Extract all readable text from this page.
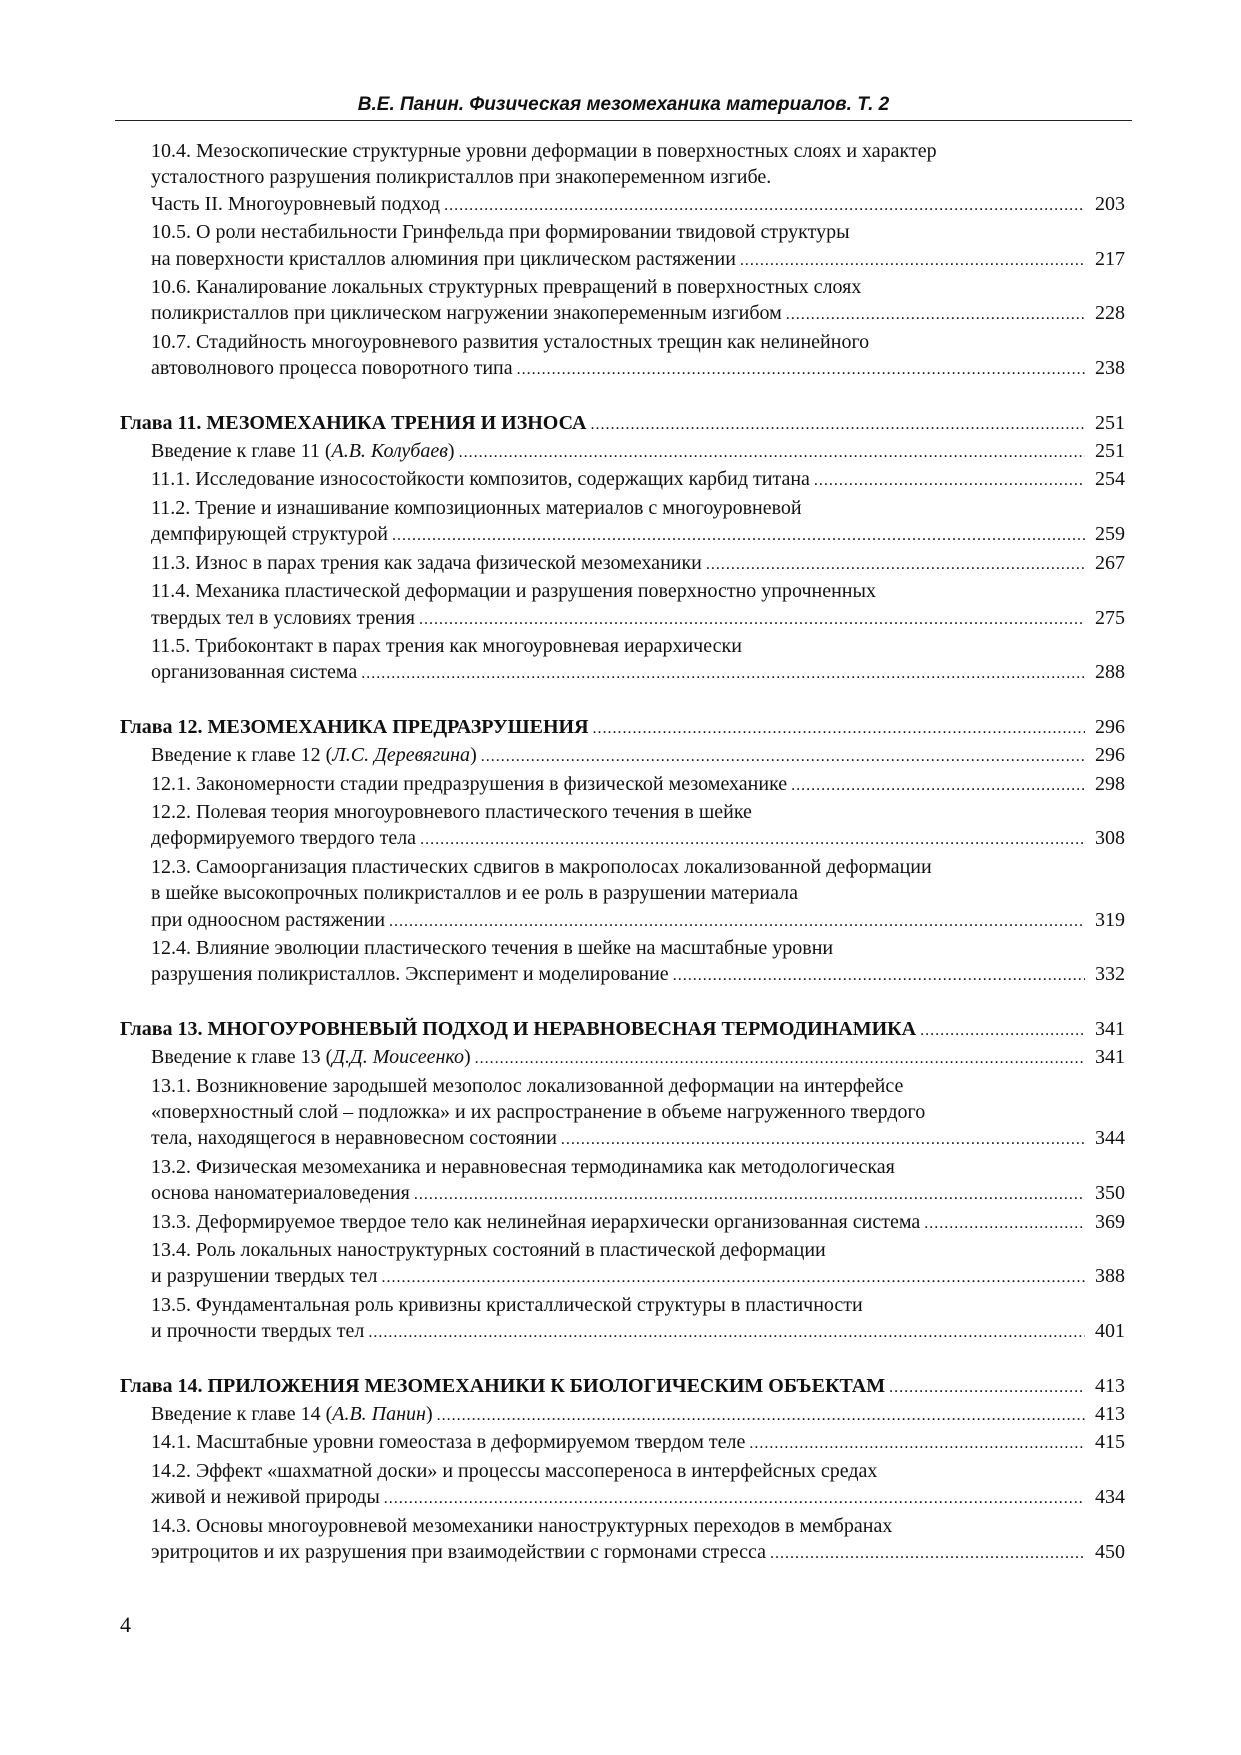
В.Е. Панин. Физическая мезомеханика материалов. Т. 2
10.4. Мезоскопические структурные уровни деформации в поверхностных слоях и характер
усталостного разрушения поликристаллов при знакопеременном изгибе.
Часть II. Многоуровневый подход . . .	203
10.5. О роли нестабильности Гринфельда при формировании твидовой структуры
на поверхности кристаллов алюминия при циклическом растяжении . . .	217
10.6. Каналирование локальных структурных превращений в поверхностных слоях
поликристаллов при циклическом нагружении знакопеременным изгибом . . .	228
10.7. Стадийность многоуровневого развития усталостных трещин как нелинейного
автоволнового процесса поворотного типа . . .	238
Глава 11. МЕЗОМЕХАНИКА ТРЕНИЯ И ИЗНОСА . . .	251
Введение к главе 11 (А.В. Колубаев) . . .	251
11.1. Исследование износостойкости композитов, содержащих карбид титана . . .	254
11.2. Трение и изнашивание композиционных материалов с многоуровневой
демпфирующей структурой . . .	259
11.3. Износ в парах трения как задача физической мезомеханики . . .	267
11.4. Механика пластической деформации и разрушения поверхностно упрочненных
твердых тел в условиях трения . . .	275
11.5. Трибоконтакт в парах трения как многоуровневая иерархически
организованная система . . .	288
Глава 12. МЕЗОМЕХАНИКА ПРЕДРАЗРУШЕНИЯ . . .	296
Введение к главе 12 (Л.С. Деревягина) . . .	296
12.1. Закономерности стадии предразрушения в физической мезомеханике . . .	298
12.2. Полевая теория многоуровневого пластического течения в шейке
деформируемого твердого тела . . .	308
12.3. Самоорганизация пластических сдвигов в макрополосах локализованной деформации
в шейке высокопрочных поликристаллов и ее роль в разрушении материала
при одноосном растяжении . . .	319
12.4. Влияние эволюции пластического течения в шейке на масштабные уровни
разрушения поликристаллов. Эксперимент и моделирование . . .	332
Глава 13. МНОГОУРОВНЕВЫЙ ПОДХОД И НЕРАВНОВЕСНАЯ ТЕРМОДИНАМИКА . . .	341
Введение к главе 13 (Д.Д. Моисеенко) . . .	341
13.1. Возникновение зародышей мезополос локализованной деформации на интерфейсе
«поверхностный слой – подложка» и их распространение в объеме нагруженного твердого
тела, находящегося в неравновесном состоянии . . .	344
13.2. Физическая мезомеханика и неравновесная термодинамика как методологическая
основа наноматериаловедения . . .	350
13.3. Деформируемое твердое тело как нелинейная иерархически организованная система . . .	369
13.4. Роль локальных наноструктурных состояний в пластической деформации
и разрушении твердых тел . . .	388
13.5. Фундаментальная роль кривизны кристаллической структуры в пластичности
и прочности твердых тел . . .	401
Глава 14. ПРИЛОЖЕНИЯ МЕЗОМЕХАНИКИ К БИОЛОГИЧЕСКИМ ОБЪЕКТАМ . . .	413
Введение к главе 14 (А.В. Панин) . . .	413
14.1. Масштабные уровни гомеостаза в деформируемом твердом теле . . .	415
14.2. Эффект «шахматной доски» и процессы массопереноса в интерфейсных средах
живой и неживой природы . . .	434
14.3. Основы многоуровневой мезомеханики наноструктурных переходов в мембранах
эритроцитов и их разрушения при взаимодействии с гормонами стресса . . .	450
4
